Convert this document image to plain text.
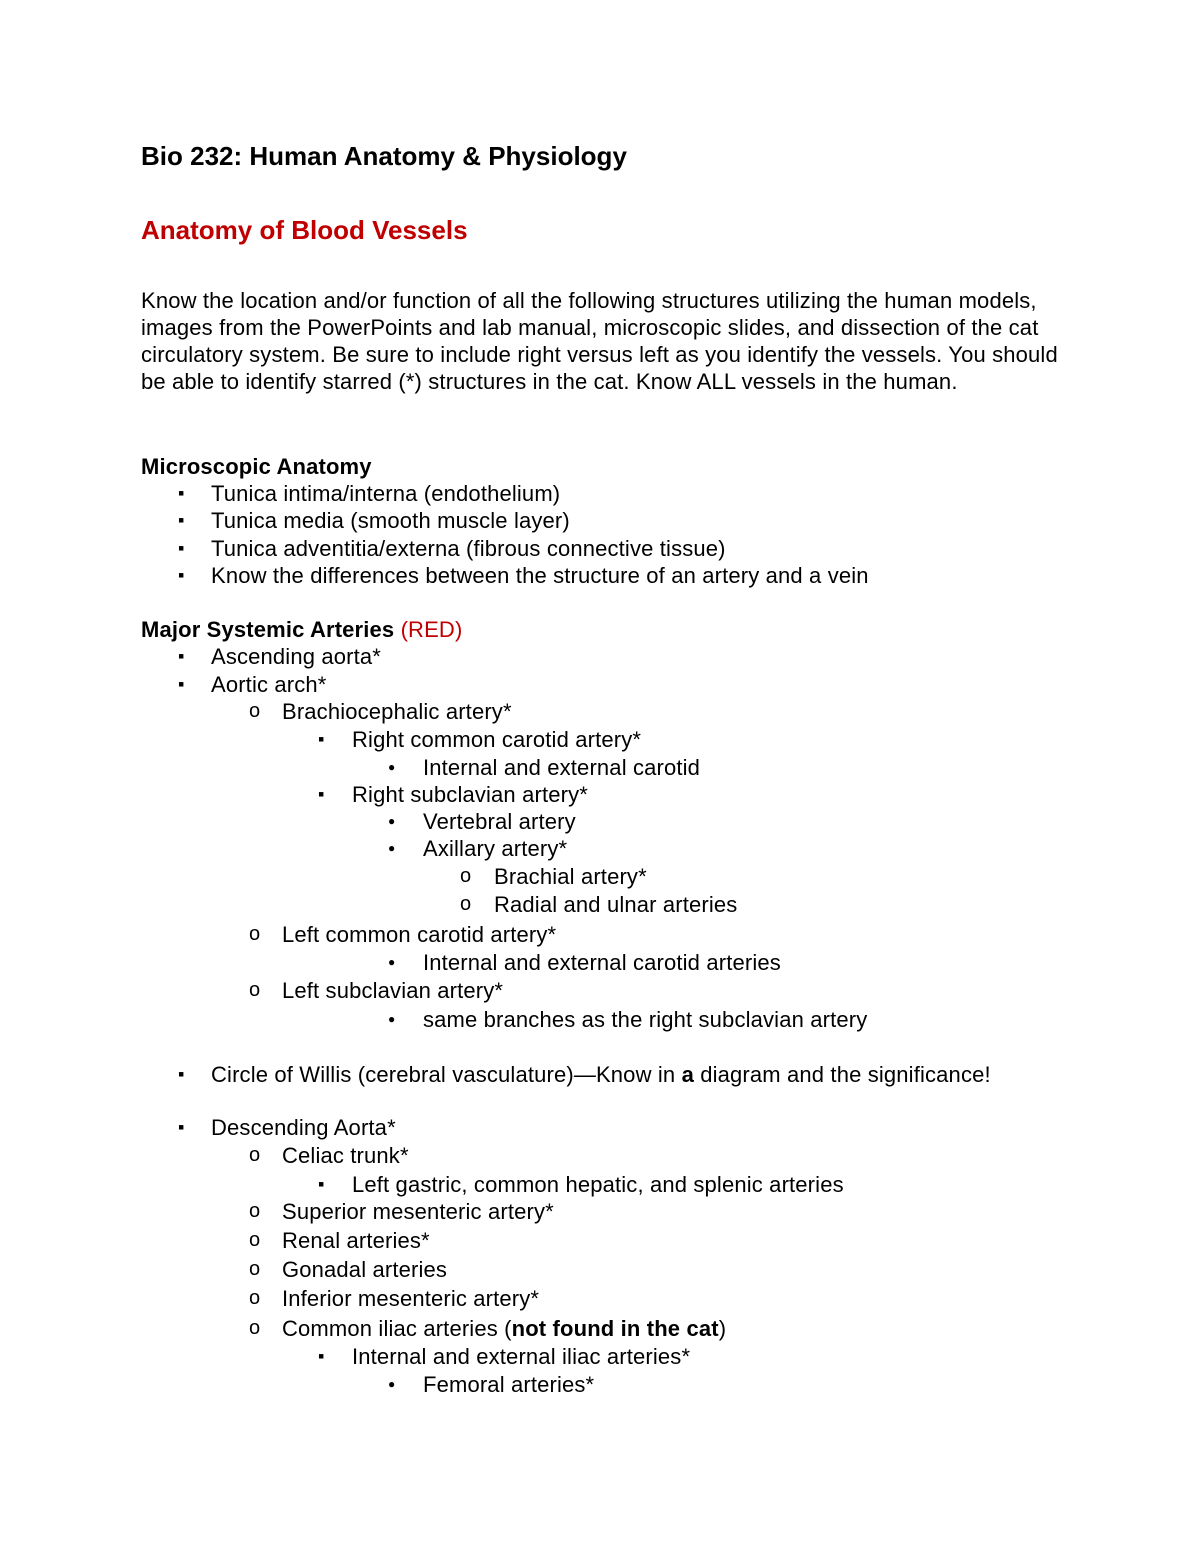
Bio 232: Human Anatomy & Physiology
Anatomy of Blood Vessels
Know the location and/or function of all the following structures utilizing the human models, images from the PowerPoints and lab manual, microscopic slides, and dissection of the cat circulatory system. Be sure to include right versus left as you identify the vessels. You should be able to identify starred (*) structures in the cat. Know ALL vessels in the human.
Microscopic Anatomy
▪ Tunica intima/interna (endothelium)
▪ Tunica media (smooth muscle layer)
▪ Tunica adventitia/externa (fibrous connective tissue)
▪ Know the differences between the structure of an artery and a vein
Major Systemic Arteries (RED)
▪ Ascending aorta*
▪ Aortic arch*
o Brachiocephalic artery*
▪ Right common carotid artery*
● Internal and external carotid
▪ Right subclavian artery*
● Vertebral artery
● Axillary artery*
o Brachial artery*
o Radial and ulnar arteries
o Left common carotid artery*
● Internal and external carotid arteries
o Left subclavian artery*
● same branches as the right subclavian artery
▪ Circle of Willis (cerebral vasculature)—Know in a diagram and the significance!
▪ Descending Aorta*
o Celiac trunk*
▪ Left gastric, common hepatic, and splenic arteries
o Superior mesenteric artery*
o Renal arteries*
o Gonadal arteries
o Inferior mesenteric artery*
o Common iliac arteries (not found in the cat)
▪ Internal and external iliac arteries*
● Femoral arteries*
